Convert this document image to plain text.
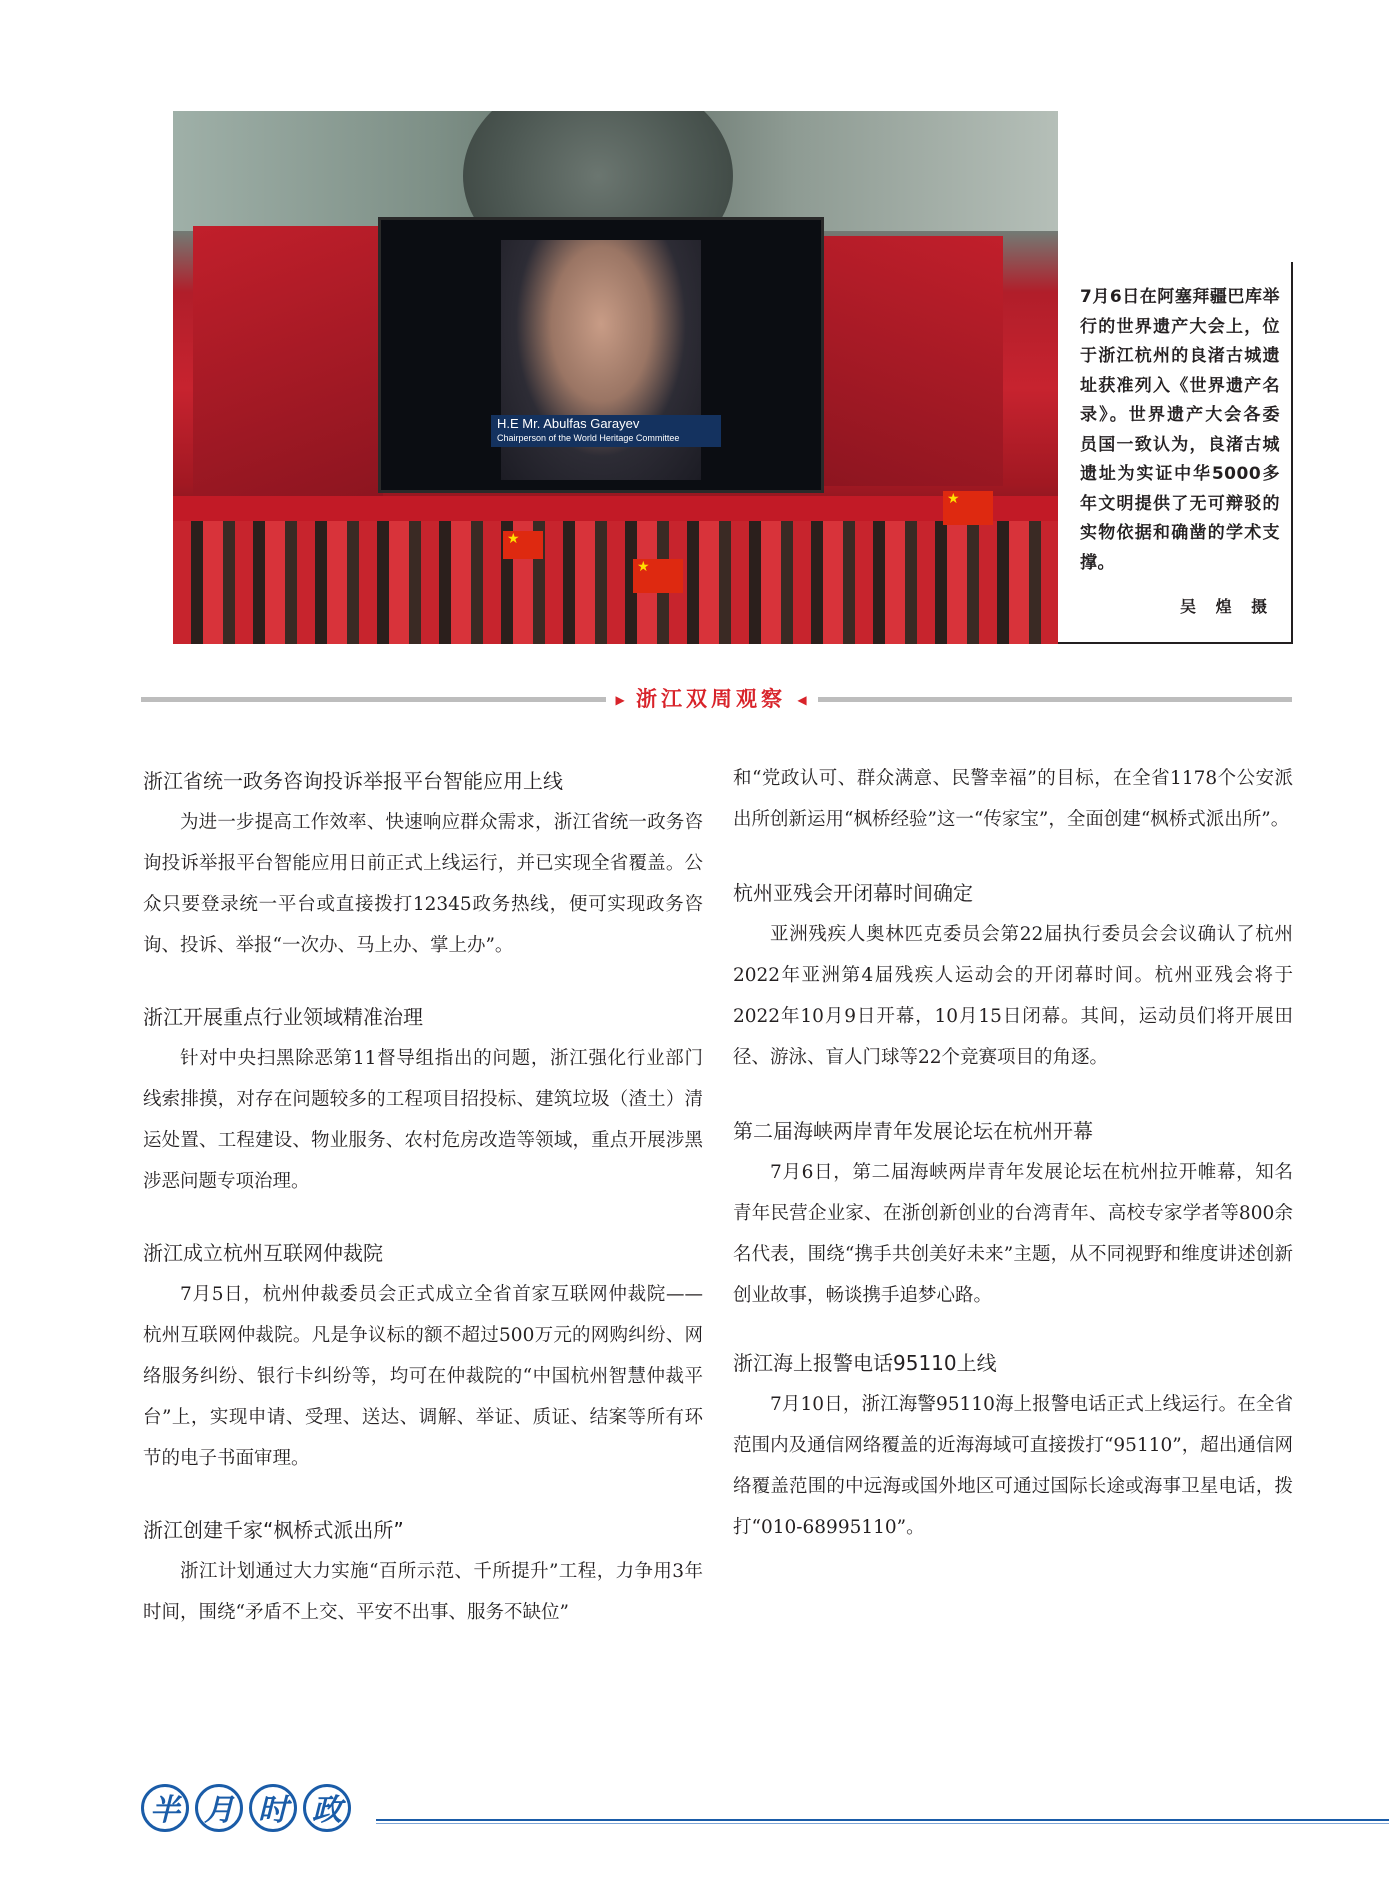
H.E Mr. Abulfas Garayev
Chairperson of the World Heritage Committee
★
★
★
7月6日在阿塞拜疆巴库举行的世界遗产大会上，位于浙江杭州的良渚古城遗址获准列入《世界遗产名录》。世界遗产大会各委员国一致认为，良渚古城遗址为实证中华5000多年文明提供了无可辩驳的实物依据和确凿的学术支撑。
吴 煌 摄
▶ 浙江双周观察 ◀
浙江省统一政务咨询投诉举报平台智能应用上线

为进一步提高工作效率、快速响应群众需求，浙江省统一政务咨询投诉举报平台智能应用日前正式上线运行，并已实现全省覆盖。公众只要登录统一平台或直接拨打12345政务热线，便可实现政务咨询、投诉、举报“一次办、马上办、掌上办”。

浙江开展重点行业领域精准治理

针对中央扫黑除恶第11督导组指出的问题，浙江强化行业部门线索排摸，对存在问题较多的工程项目招投标、建筑垃圾（渣土）清运处置、工程建设、物业服务、农村危房改造等领域，重点开展涉黑涉恶问题专项治理。

浙江成立杭州互联网仲裁院

7月5日，杭州仲裁委员会正式成立全省首家互联网仲裁院——杭州互联网仲裁院。凡是争议标的额不超过500万元的网购纠纷、网络服务纠纷、银行卡纠纷等，均可在仲裁院的“中国杭州智慧仲裁平台”上，实现申请、受理、送达、调解、举证、质证、结案等所有环节的电子书面审理。

浙江创建千家“枫桥式派出所”

浙江计划通过大力实施“百所示范、千所提升”工程，力争用3年时间，围绕“矛盾不上交、平安不出事、服务不缺位”

和“党政认可、群众满意、民警幸福”的目标，在全省1178个公安派出所创新运用“枫桥经验”这一“传家宝”，全面创建“枫桥式派出所”。

杭州亚残会开闭幕时间确定

亚洲残疾人奥林匹克委员会第22届执行委员会会议确认了杭州2022年亚洲第4届残疾人运动会的开闭幕时间。杭州亚残会将于2022年10月9日开幕，10月15日闭幕。其间，运动员们将开展田径、游泳、盲人门球等22个竞赛项目的角逐。

第二届海峡两岸青年发展论坛在杭州开幕

7月6日，第二届海峡两岸青年发展论坛在杭州拉开帷幕，知名青年民营企业家、在浙创新创业的台湾青年、高校专家学者等800余名代表，围绕“携手共创美好未来”主题，从不同视野和维度讲述创新创业故事，畅谈携手追梦心路。

浙江海上报警电话95110上线

7月10日，浙江海警95110海上报警电话正式上线运行。在全省范围内及通信网络覆盖的近海海域可直接拨打“95110”，超出通信网络覆盖范围的中远海或国外地区可通过国际长途或海事卫星电话，拨打“010-68995110”。

半 月 时 政
